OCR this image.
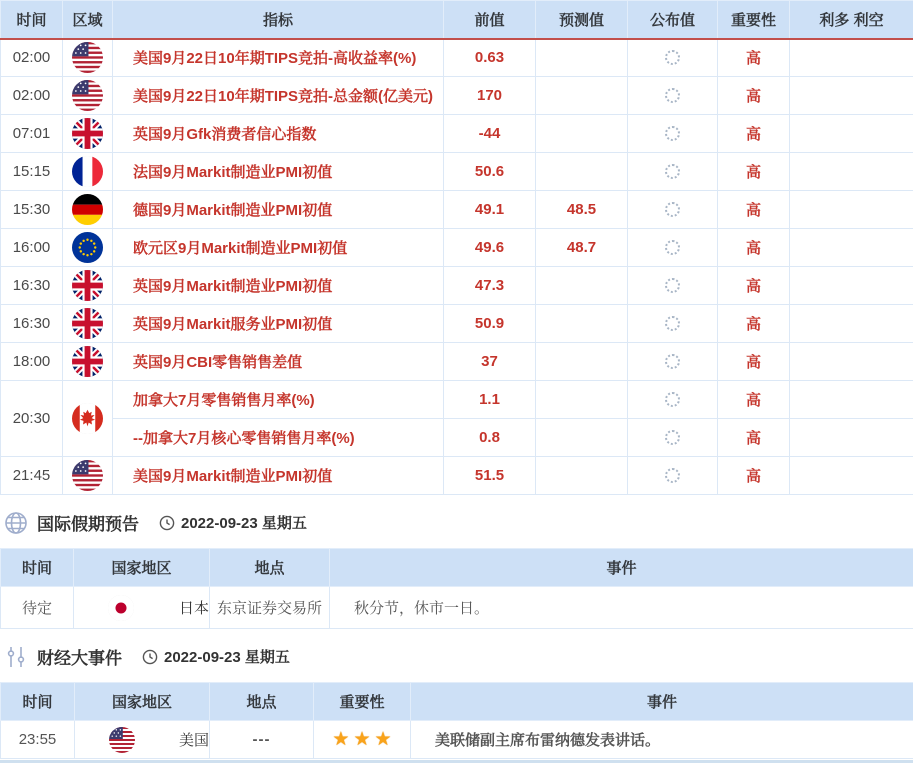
时间	区域	指标	前值	预测值	公布值	重要性	利多 利空
02:00		美国9月22日10年期TIPS竞拍-高收益率(%)	0.63			高	
02:00		美国9月22日10年期TIPS竞拍-总金额(亿美元)	170			高	
07:01		英国9月Gfk消费者信心指数	-44			高	
15:15		法国9月Markit制造业PMI初值	50.6			高	
15:30		德国9月Markit制造业PMI初值	49.1	48.5		高	
16:00		欧元区9月Markit制造业PMI初值	49.6	48.7		高	
16:30		英国9月Markit制造业PMI初值	47.3			高	
16:30		英国9月Markit服务业PMI初值	50.9			高	
18:00		英国9月CBI零售销售差值	37			高	
20:30		加拿大7月零售销售月率(%)	1.1			高	
		--加拿大7月核心零售销售月率(%)	0.8			高	
21:45		美国9月Markit制造业PMI初值	51.5			高	
国际假期预告	2022-09-23 星期五
时间	国家地区	地点	事件
待定	日本	东京证券交易所	秋分节，休市一日。
财经大事件	2022-09-23 星期五
时间	国家地区	地点	重要性	事件
23:55	美国	---	★ ★ ★	美联储副主席布雷纳德发表讲话。
